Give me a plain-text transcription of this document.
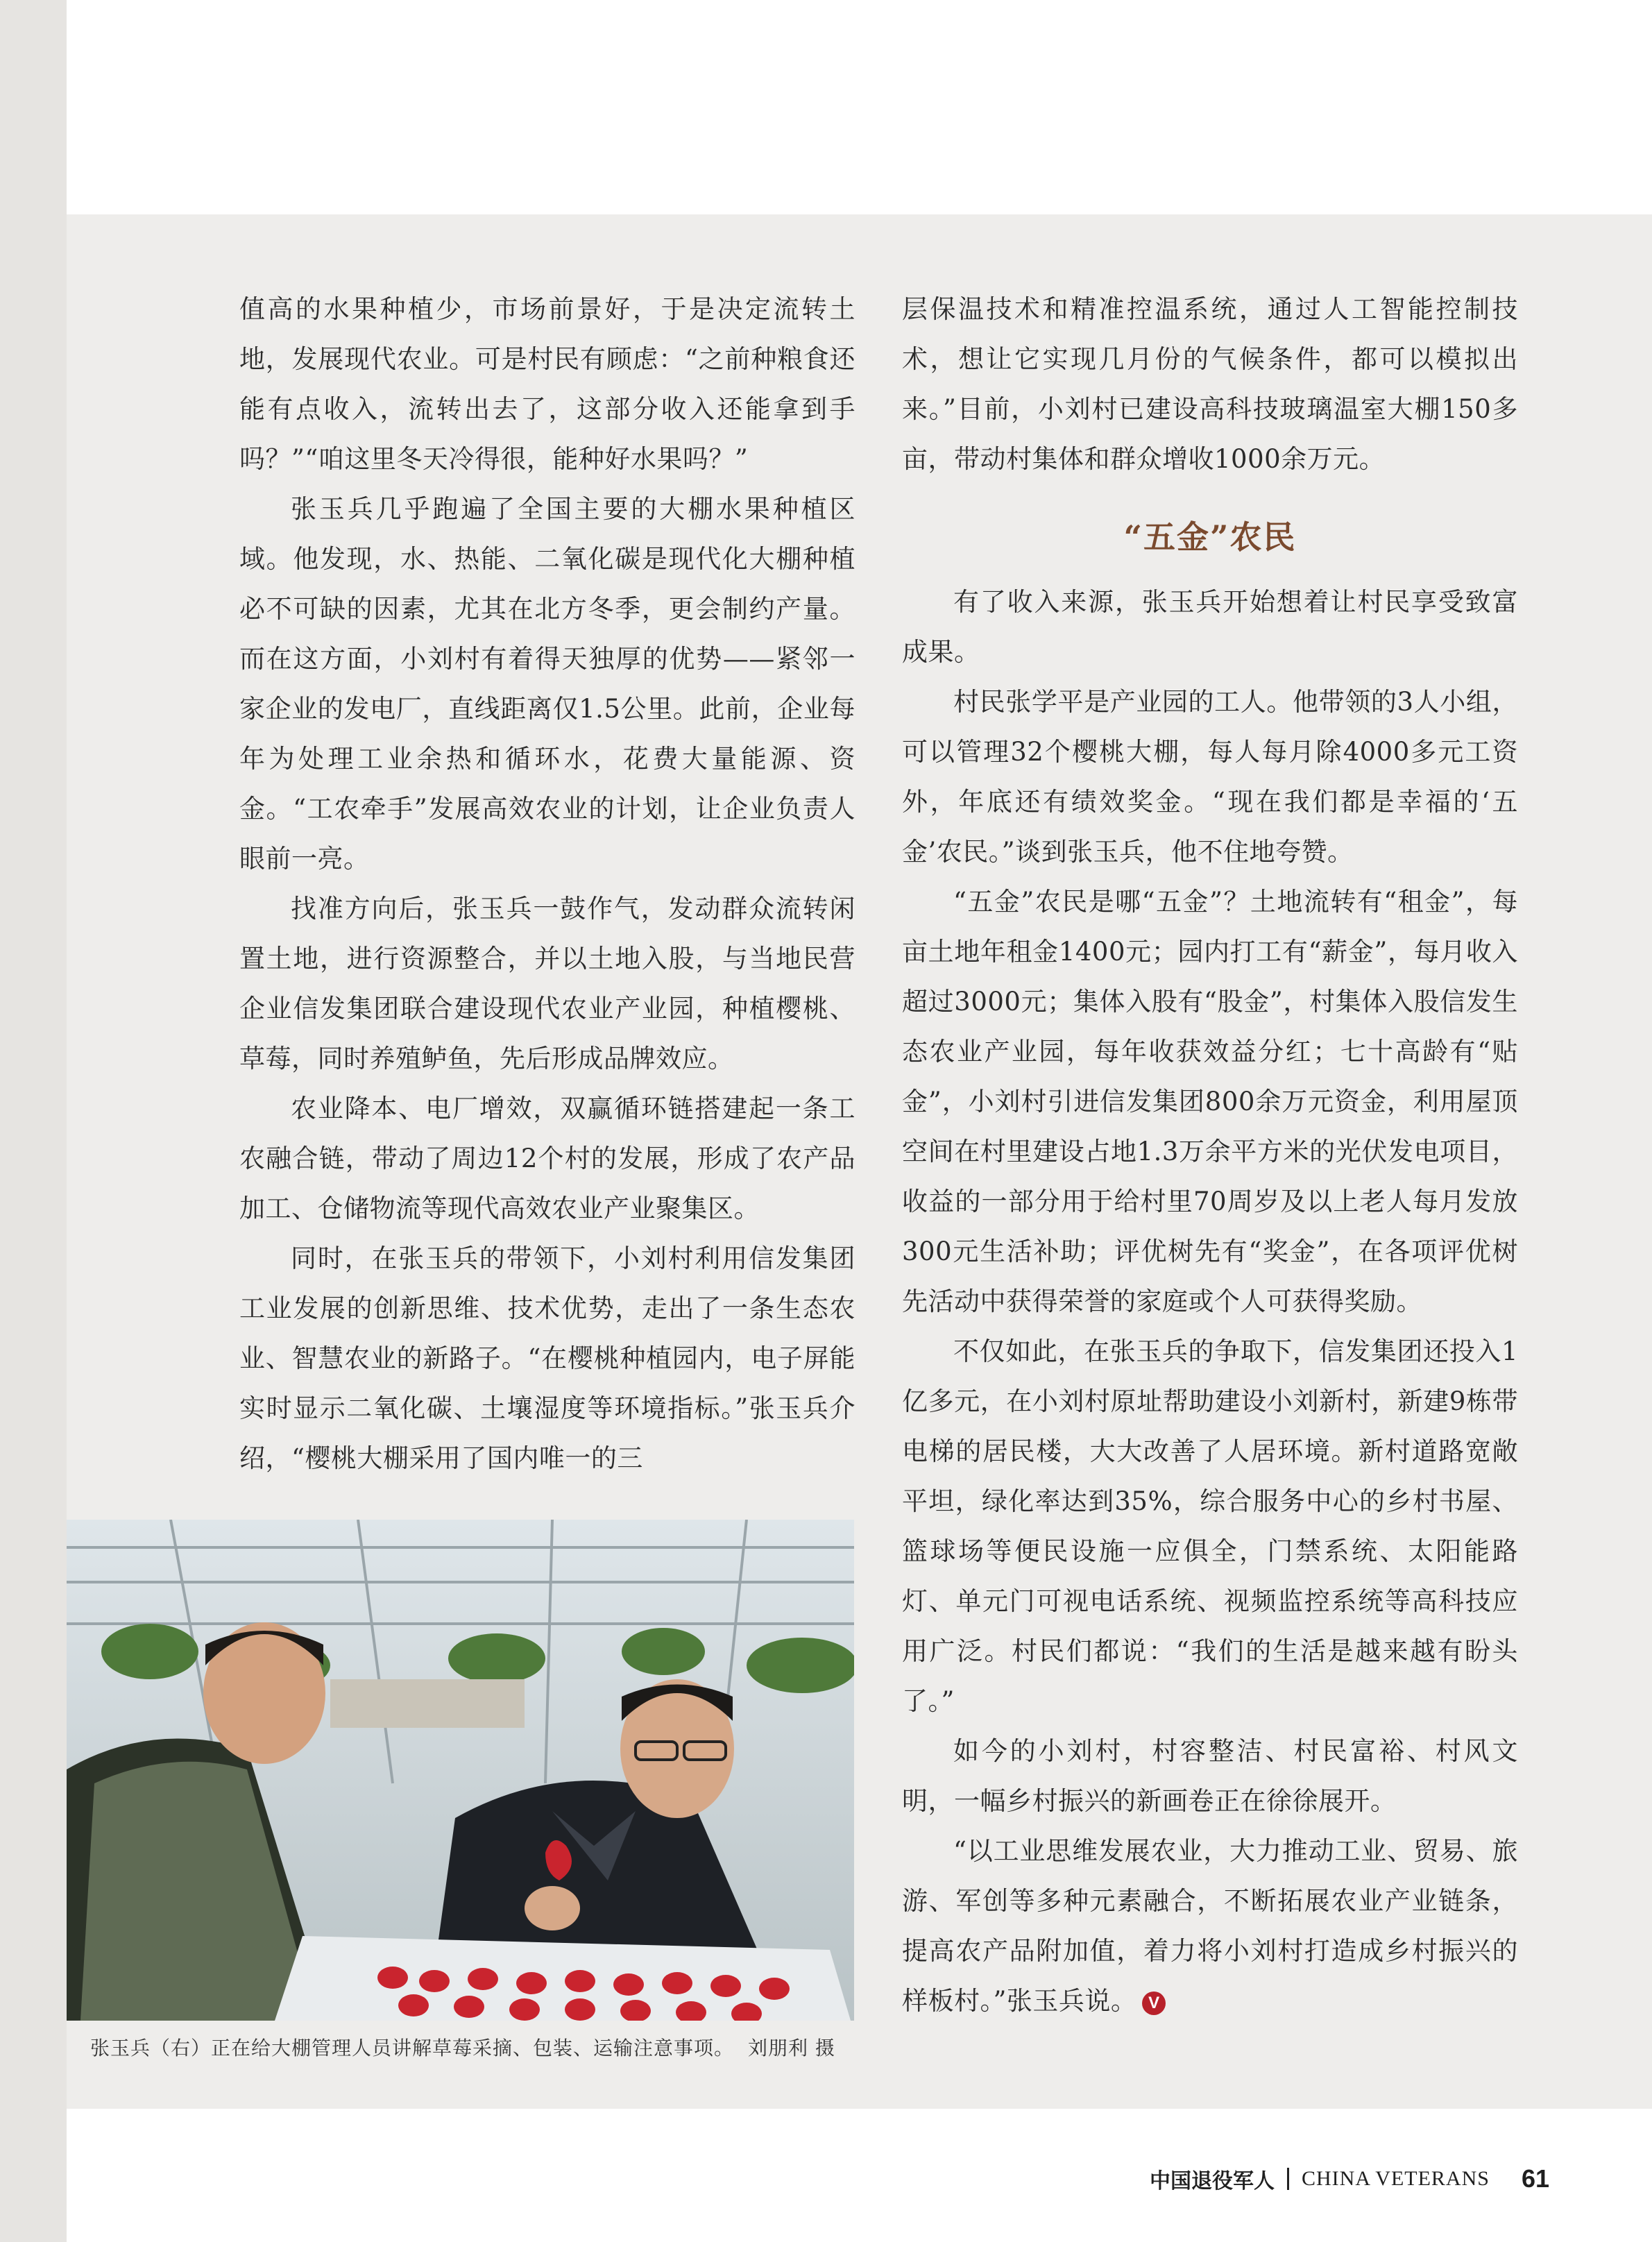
值高的水果种植少，市场前景好，于是决定流转土地，发展现代农业。可是村民有顾虑：“之前种粮食还能有点收入，流转出去了，这部分收入还能拿到手吗？”“咱这里冬天冷得很，能种好水果吗？”

张玉兵几乎跑遍了全国主要的大棚水果种植区域。他发现，水、热能、二氧化碳是现代化大棚种植必不可缺的因素，尤其在北方冬季，更会制约产量。而在这方面，小刘村有着得天独厚的优势——紧邻一家企业的发电厂，直线距离仅1.5公里。此前，企业每年为处理工业余热和循环水，花费大量能源、资金。“工农牵手”发展高效农业的计划，让企业负责人眼前一亮。

找准方向后，张玉兵一鼓作气，发动群众流转闲置土地，进行资源整合，并以土地入股，与当地民营企业信发集团联合建设现代农业产业园，种植樱桃、草莓，同时养殖鲈鱼，先后形成品牌效应。

农业降本、电厂增效，双赢循环链搭建起一条工农融合链，带动了周边12个村的发展，形成了农产品加工、仓储物流等现代高效农业产业聚集区。

同时，在张玉兵的带领下，小刘村利用信发集团工业发展的创新思维、技术优势，走出了一条生态农业、智慧农业的新路子。“在樱桃种植园内，电子屏能实时显示二氧化碳、土壤湿度等环境指标。”张玉兵介绍，“樱桃大棚采用了国内唯一的三

层保温技术和精准控温系统，通过人工智能控制技术，想让它实现几月份的气候条件，都可以模拟出来。”目前，小刘村已建设高科技玻璃温室大棚150多亩，带动村集体和群众增收1000余万元。

“五金”农民

有了收入来源，张玉兵开始想着让村民享受致富成果。

村民张学平是产业园的工人。他带领的3人小组，可以管理32个樱桃大棚，每人每月除4000多元工资外，年底还有绩效奖金。“现在我们都是幸福的‘五金’农民。”谈到张玉兵，他不住地夸赞。

“五金”农民是哪“五金”？土地流转有“租金”，每亩土地年租金1400元；园内打工有“薪金”，每月收入超过3000元；集体入股有“股金”，村集体入股信发生态农业产业园，每年收获效益分红；七十高龄有“贴金”，小刘村引进信发集团800余万元资金，利用屋顶空间在村里建设占地1.3万余平方米的光伏发电项目，收益的一部分用于给村里70周岁及以上老人每月发放300元生活补助；评优树先有“奖金”，在各项评优树先活动中获得荣誉的家庭或个人可获得奖励。

不仅如此，在张玉兵的争取下，信发集团还投入1亿多元，在小刘村原址帮助建设小刘新村，新建9栋带电梯的居民楼，大大改善了人居环境。新村道路宽敞平坦，绿化率达到35%，综合服务中心的乡村书屋、篮球场等便民设施一应俱全，门禁系统、太阳能路灯、单元门可视电话系统、视频监控系统等高科技应用广泛。村民们都说：“我们的生活是越来越有盼头了。”

如今的小刘村，村容整洁、村民富裕、村风文明，一幅乡村振兴的新画卷正在徐徐展开。

“以工业思维发展农业，大力推动工业、贸易、旅游、军创等多种元素融合，不断拓展农业产业链条，提高农产品附加值，着力将小刘村打造成乡村振兴的样板村。”张玉兵说。 V

张玉兵（右）正在给大棚管理人员讲解草莓采摘、包装、运输注意事项。 刘朋利 摄
中国退役军人 CHINA VETERANS 61
